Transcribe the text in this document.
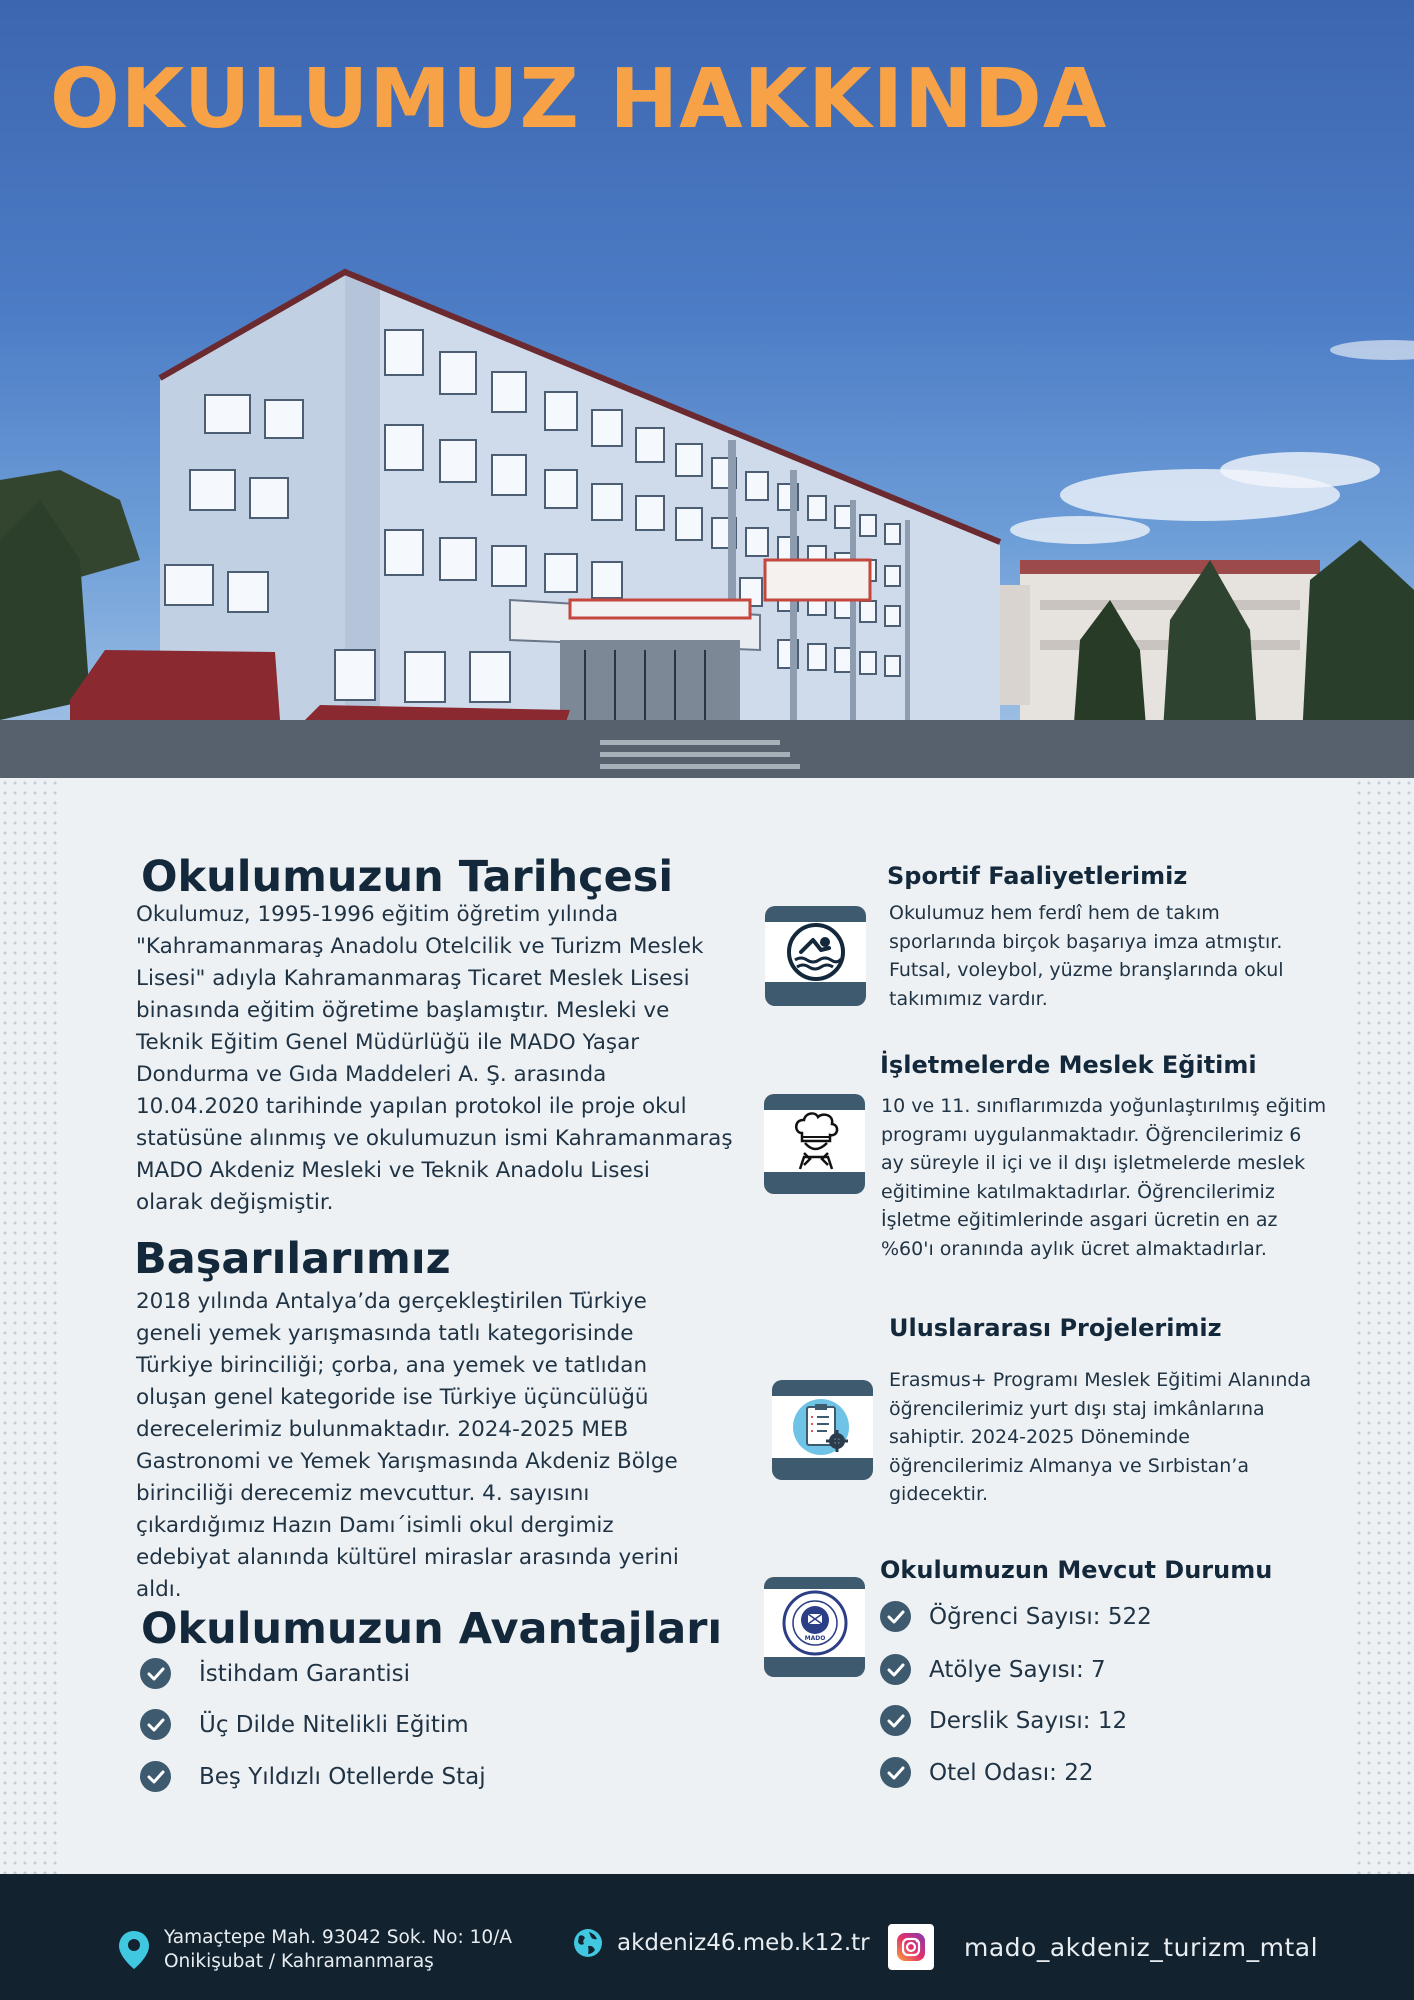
OKULUMUZ HAKKINDA
Okulumuzun Tarihçesi
Okulumuz, 1995-1996 eğitim öğretim yılında
"Kahramanmaraş Anadolu Otelcilik ve Turizm Meslek
Lisesi" adıyla Kahramanmaraş Ticaret Meslek Lisesi
binasında eğitim öğretime başlamıştır. Mesleki ve
Teknik Eğitim Genel Müdürlüğü ile MADO Yaşar
Dondurma ve Gıda Maddeleri A. Ş. arasında
10.04.2020 tarihinde yapılan protokol ile proje okul
statüsüne alınmış ve okulumuzun ismi Kahramanmaraş
MADO Akdeniz Mesleki ve Teknik Anadolu Lisesi
olarak değişmiştir.
Başarılarımız
2018 yılında Antalya’da gerçekleştirilen Türkiye
geneli yemek yarışmasında tatlı kategorisinde
Türkiye birinciliği; çorba, ana yemek ve tatlıdan
oluşan genel kategoride ise Türkiye üçüncülüğü
derecelerimiz bulunmaktadır. 2024-2025 MEB
Gastronomi ve Yemek Yarışmasında Akdeniz Bölge
birinciliği derecemiz mevcuttur. 4. sayısını
çıkardığımız Hazın Damı´isimli okul dergimiz
edebiyat alanında kültürel miraslar arasında yerini
aldı.
Okulumuzun Avantajları
İstihdam Garantisi
Üç Dilde Nitelikli Eğitim
Beş Yıldızlı Otellerde Staj
Sportif Faaliyetlerimiz
Okulumuz hem ferdî hem de takım
sporlarında birçok başarıya imza atmıştır.
Futsal, voleybol, yüzme branşlarında okul
takımımız vardır.
İşletmelerde Meslek Eğitimi
10 ve 11. sınıflarımızda yoğunlaştırılmış eğitim
programı uygulanmaktadır. Öğrencilerimiz 6
ay süreyle il içi ve il dışı işletmelerde meslek
eğitimine katılmaktadırlar. Öğrencilerimiz
İşletme eğitimlerinde asgari ücretin en az
%60'ı oranında aylık ücret almaktadırlar.
Uluslararası Projelerimiz
Erasmus+ Programı Meslek Eğitimi Alanında
öğrencilerimiz yurt dışı staj imkânlarına
sahiptir. 2024-2025 Döneminde
öğrencilerimiz Almanya ve Sırbistan’a
gidecektir.
MADO
Okulumuzun Mevcut Durumu
Öğrenci Sayısı: 522
Atölye Sayısı: 7
Derslik Sayısı: 12
Otel Odası: 22
Yamaçtepe Mah. 93042 Sok. No: 10/A
Onikişubat / Kahramanmaraş
akdeniz46.meb.k12.tr	mado_akdeniz_turizm_mtal
